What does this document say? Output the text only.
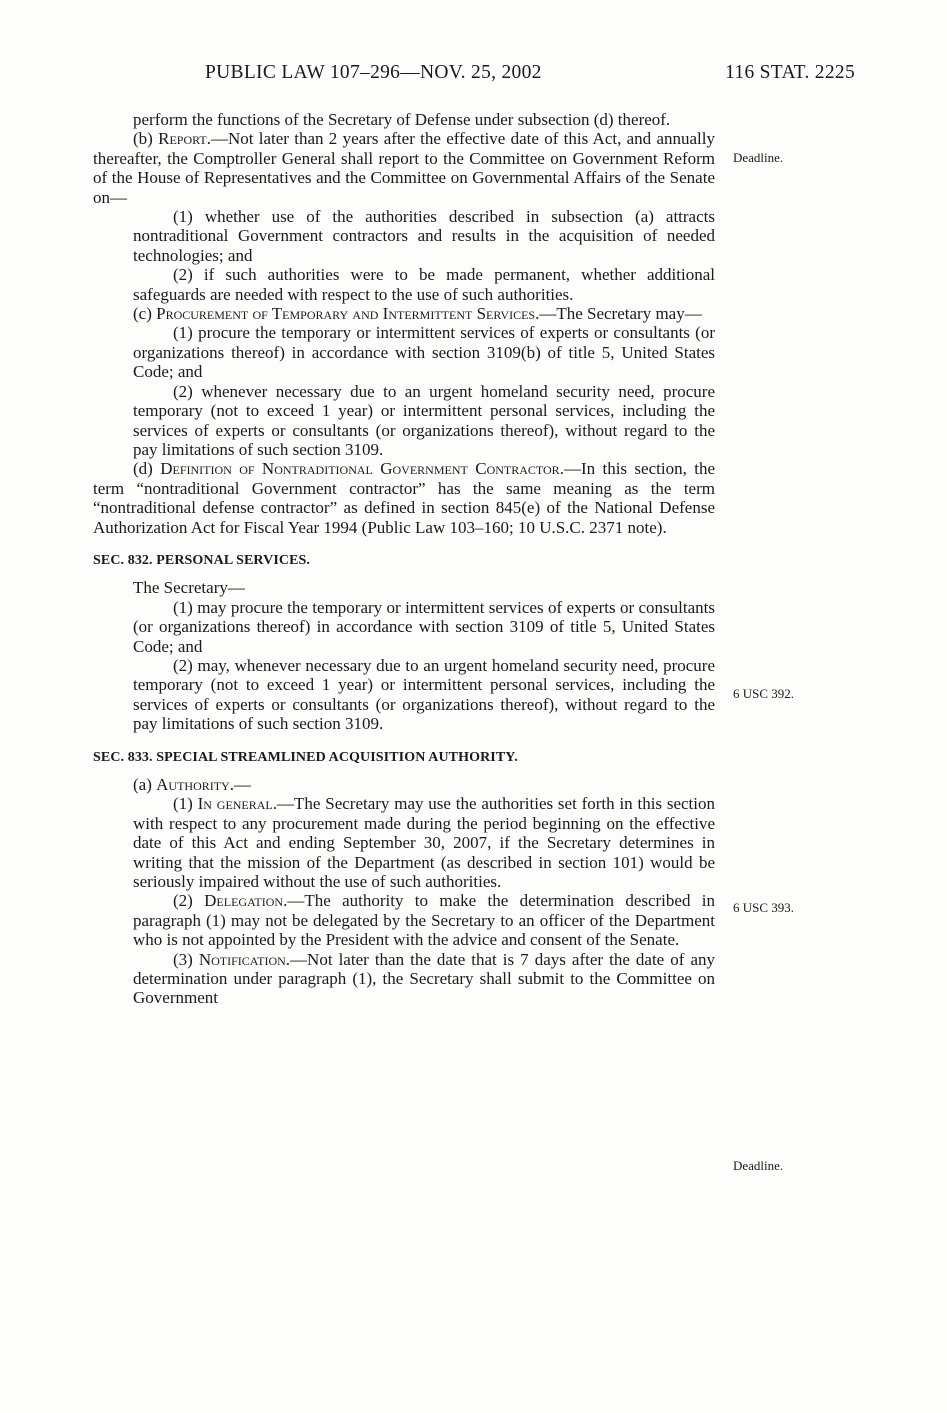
PUBLIC LAW 107–296—NOV. 25, 2002	116 STAT. 2225
Deadline.
6 USC 392.
6 USC 393.
Deadline.

perform the functions of the Secretary of Defense under subsection (d) thereof.

(b) Report.—Not later than 2 years after the effective date of this Act, and annually thereafter, the Comptroller General shall report to the Committee on Government Reform of the House of Representatives and the Committee on Governmental Affairs of the Senate on—

(1) whether use of the authorities described in subsection (a) attracts nontraditional Government contractors and results in the acquisition of needed technologies; and

(2) if such authorities were to be made permanent, whether additional safeguards are needed with respect to the use of such authorities.

(c) Procurement of Temporary and Intermittent Services.—The Secretary may—

(1) procure the temporary or intermittent services of experts or consultants (or organizations thereof) in accordance with section 3109(b) of title 5, United States Code; and

(2) whenever necessary due to an urgent homeland security need, procure temporary (not to exceed 1 year) or intermittent personal services, including the services of experts or consultants (or organizations thereof), without regard to the pay limitations of such section 3109.

(d) Definition of Nontraditional Government Contractor.—In this section, the term “nontraditional Government contractor” has the same meaning as the term “nontraditional defense contractor” as defined in section 845(e) of the National Defense Authorization Act for Fiscal Year 1994 (Public Law 103–160; 10 U.S.C. 2371 note).

SEC. 832. PERSONAL SERVICES.

The Secretary—

(1) may procure the temporary or intermittent services of experts or consultants (or organizations thereof) in accordance with section 3109 of title 5, United States Code; and

(2) may, whenever necessary due to an urgent homeland security need, procure temporary (not to exceed 1 year) or intermittent personal services, including the services of experts or consultants (or organizations thereof), without regard to the pay limitations of such section 3109.

SEC. 833. SPECIAL STREAMLINED ACQUISITION AUTHORITY.

(a) Authority.—

(1) In general.—The Secretary may use the authorities set forth in this section with respect to any procurement made during the period beginning on the effective date of this Act and ending September 30, 2007, if the Secretary determines in writing that the mission of the Department (as described in section 101) would be seriously impaired without the use of such authorities.

(2) Delegation.—The authority to make the determination described in paragraph (1) may not be delegated by the Secretary to an officer of the Department who is not appointed by the President with the advice and consent of the Senate.

(3) Notification.—Not later than the date that is 7 days after the date of any determination under paragraph (1), the Secretary shall submit to the Committee on Government
